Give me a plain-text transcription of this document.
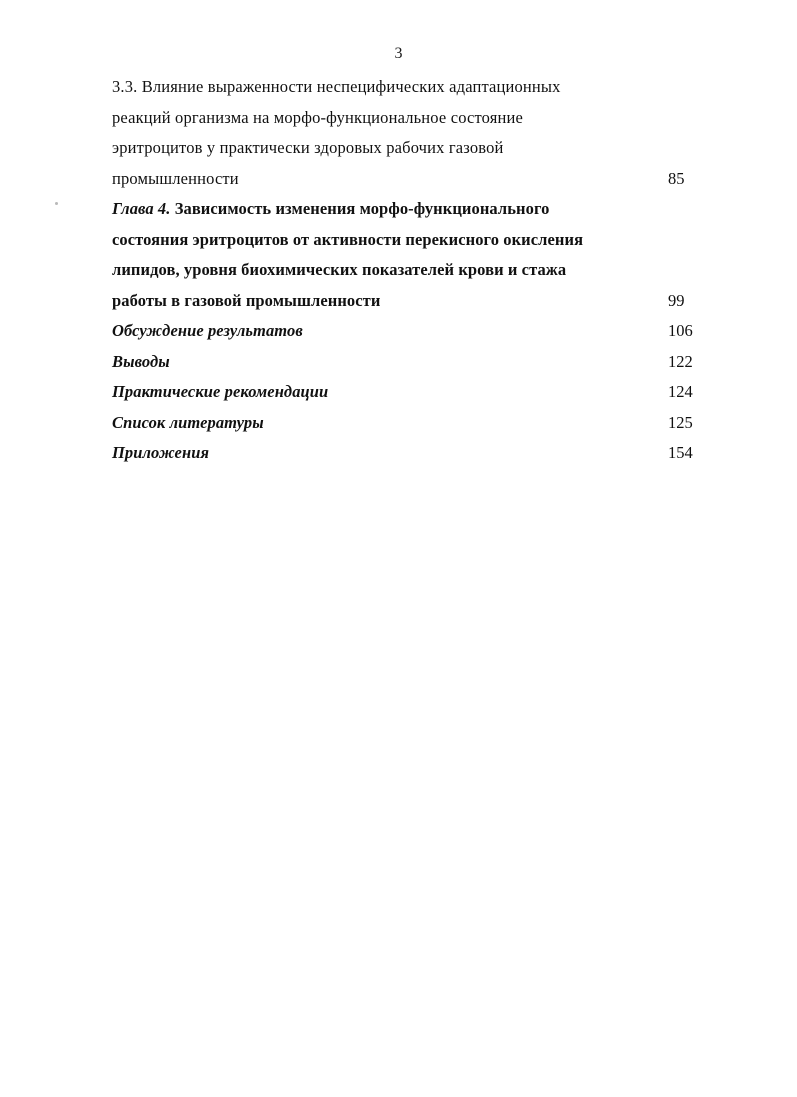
3
3.3. Влияние выраженности неспецифических адаптационных
реакций организма на морфо-функциональное состояние
эритроцитов у практически здоровых рабочих газовой
промышленности	85
Глава 4. Зависимость изменения морфо-функционального
состояния эритроцитов от активности перекисного окисления
липидов, уровня биохимических показателей крови и стажа
работы в газовой промышленности	99
Обсуждение результатов	106
Выводы	122
Практические рекомендации	124
Список литературы	125
Приложения	154
